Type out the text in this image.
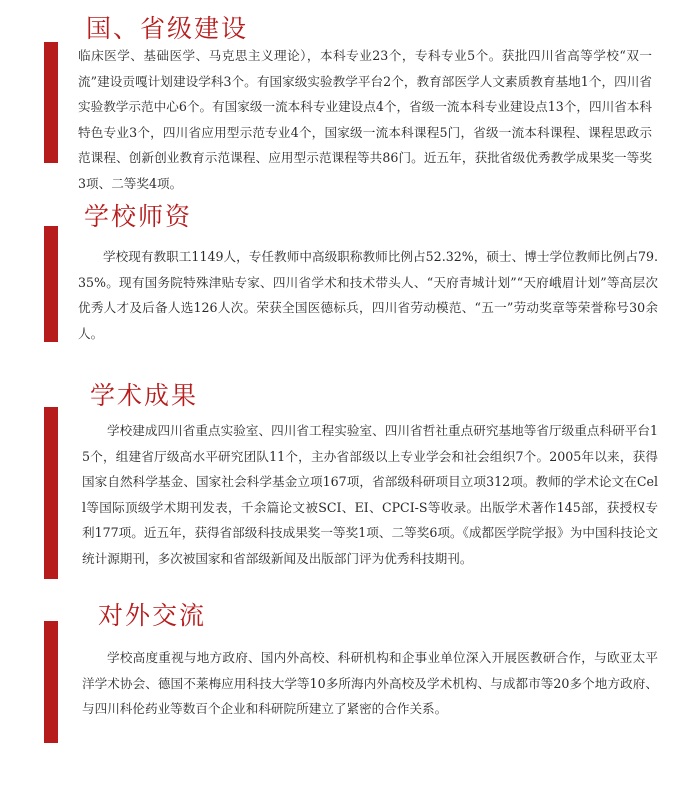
国、省级建设

临床医学、基础医学、马克思主义理论），本科专业23个，专科专业5个。获批四川省高等学校“双一流”建设贡嘎计划建设学科3个。有国家级实验教学平台2个，教育部医学人文素质教育基地1个，四川省实验教学示范中心6个。有国家级一流本科专业建设点4个，省级一流本科专业建设点13个，四川省本科特色专业3个，四川省应用型示范专业4个，国家级一流本科课程5门，省级一流本科课程、课程思政示范课程、创新创业教育示范课程、应用型示范课程等共86门。近五年，获批省级优秀教学成果奖一等奖3项、二等奖4项。

学校师资

学校现有教职工1149人，专任教师中高级职称教师比例占52.32%，硕士、博士学位教师比例占79.35%。现有国务院特殊津贴专家、四川省学术和技术带头人、“天府青城计划”“天府峨眉计划”等高层次优秀人才及后备人选126人次。荣获全国医德标兵，四川省劳动模范、“五一”劳动奖章等荣誉称号30余人。

学术成果

学校建成四川省重点实验室、四川省工程实验室、四川省哲社重点研究基地等省厅级重点科研平台15个，组建省厅级高水平研究团队11个，主办省部级以上专业学会和社会组织7个。2005年以来，获得国家自然科学基金、国家社会科学基金立项167项，省部级科研项目立项312项。教师的学术论文在Cell等国际顶级学术期刊发表，千余篇论文被SCI、EI、CPCI-S等收录。出版学术著作145部，获授权专利177项。近五年，获得省部级科技成果奖一等奖1项、二等奖6项。《成都医学院学报》为中国科技论文统计源期刊，多次被国家和省部级新闻及出版部门评为优秀科技期刊。

对外交流

学校高度重视与地方政府、国内外高校、科研机构和企事业单位深入开展医教研合作，与欧亚太平洋学术协会、德国不莱梅应用科技大学等10多所海内外高校及学术机构、与成都市等20多个地方政府、与四川科伦药业等数百个企业和科研院所建立了紧密的合作关系。
